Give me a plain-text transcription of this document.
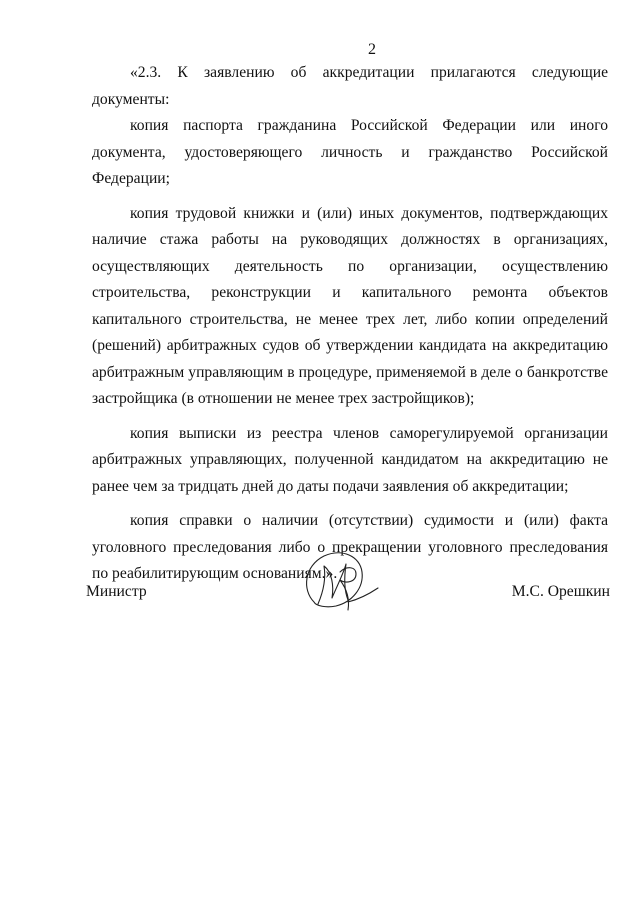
2

«2.3. К заявлению об аккредитации прилагаются следующие документы:

копия паспорта гражданина Российской Федерации или иного документа, удостоверяющего личность и гражданство Российской Федерации;

копия трудовой книжки и (или) иных документов, подтверждающих наличие стажа работы на руководящих должностях в организациях, осуществляющих деятельность по организации, осуществлению строительства, реконструкции и капитального ремонта объектов капитального строительства, не менее трех лет, либо копии определений (решений) арбитражных судов об утверждении кандидата на аккредитацию арбитражным управляющим в процедуре, применяемой в деле о банкротстве застройщика (в отношении не менее трех застройщиков);

копия выписки из реестра членов саморегулируемой организации арбитражных управляющих, полученной кандидатом на аккредитацию не ранее чем за тридцать дней до даты подачи заявления об аккредитации;

копия справки о наличии (отсутствии) судимости и (или) факта уголовного преследования либо о прекращении уголовного преследования по реабилитирующим основаниям.».

Министр	М.С. Орешкин
